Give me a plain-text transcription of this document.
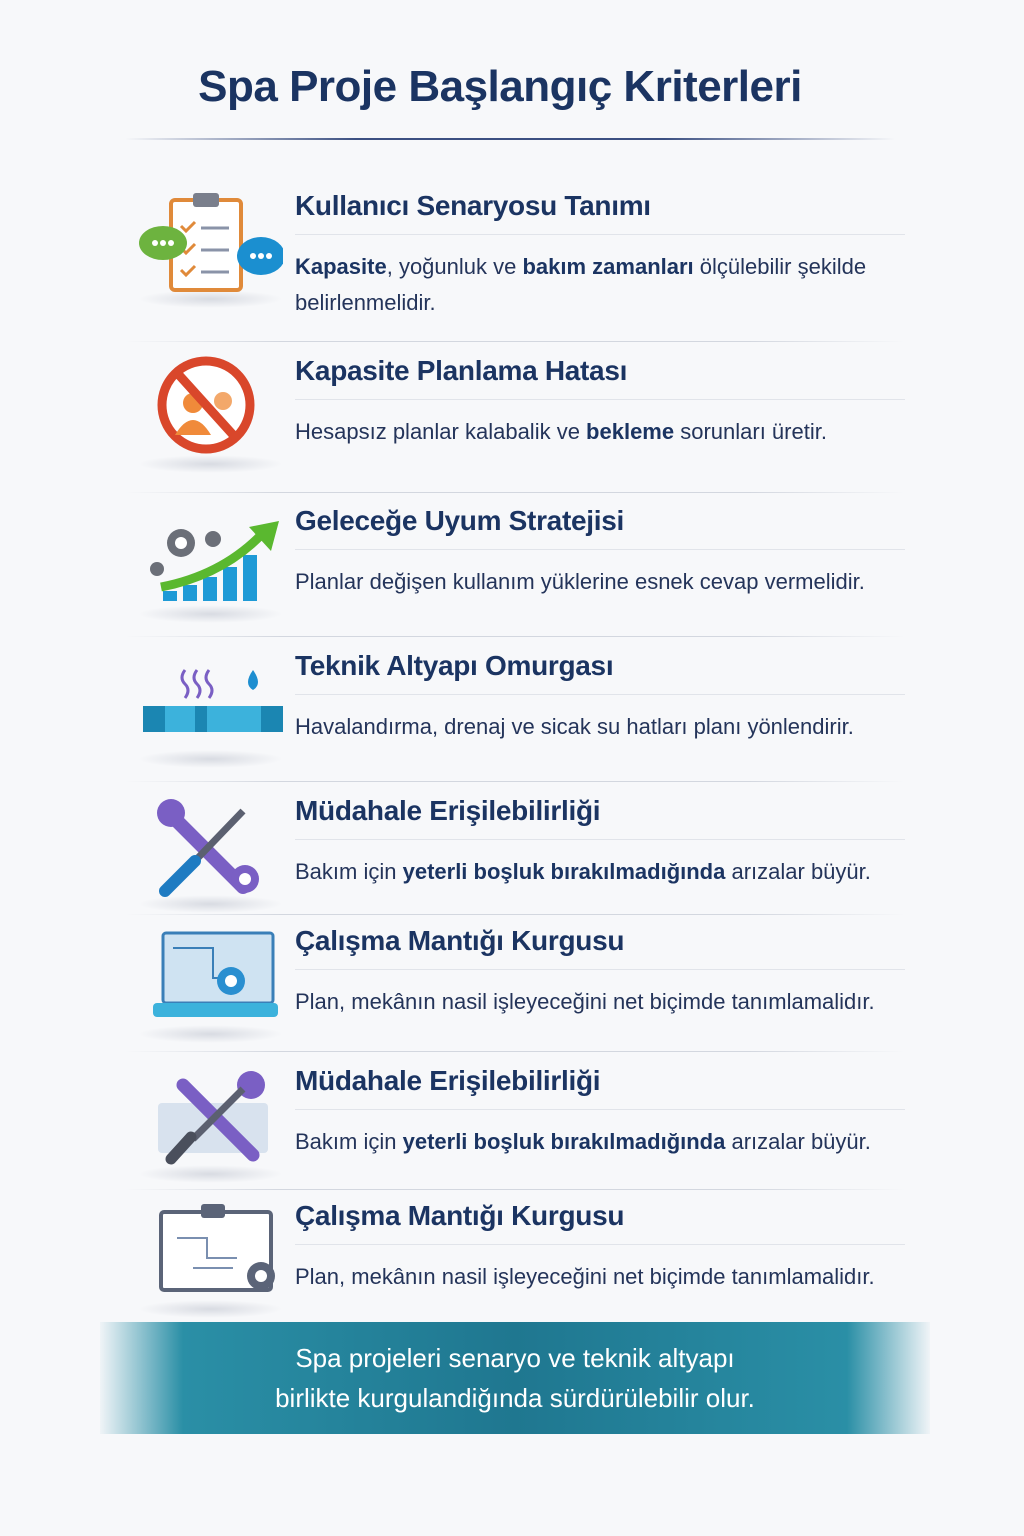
Spa Proje Başlangıç Kriterleri
Kullanıcı Senaryosu Tanımı

Kapasite, yoğunluk ve bakım zamanları ölçülebilir şekilde belirlenmelidir.

Kapasite Planlama Hatası

Hesapsız planlar kalabalik ve bekleme sorunları üretir.

Geleceğe Uyum Stratejisi

Planlar değişen kullanım yüklerine esnek cevap vermelidir.

Teknik Altyapı Omurgası

Havalandırma, drenaj ve sicak su hatları planı yönlendirir.

Müdahale Erişilebilirliği

Bakım için yeterli boşluk bırakılmadığında arızalar büyür.

Çalışma Mantığı Kurgusu

Plan, mekânın nasil işleyeceğini net biçimde tanımlamalidır.

Müdahale Erişilebilirliği

Bakım için yeterli boşluk bırakılmadığında arızalar büyür.

Çalışma Mantığı Kurgusu

Plan, mekânın nasil işleyeceğini net biçimde tanımlamalidır.

Spa projeleri senaryo ve teknik altyapı
birlikte kurgulandiğında sürdürülebilir olur.
